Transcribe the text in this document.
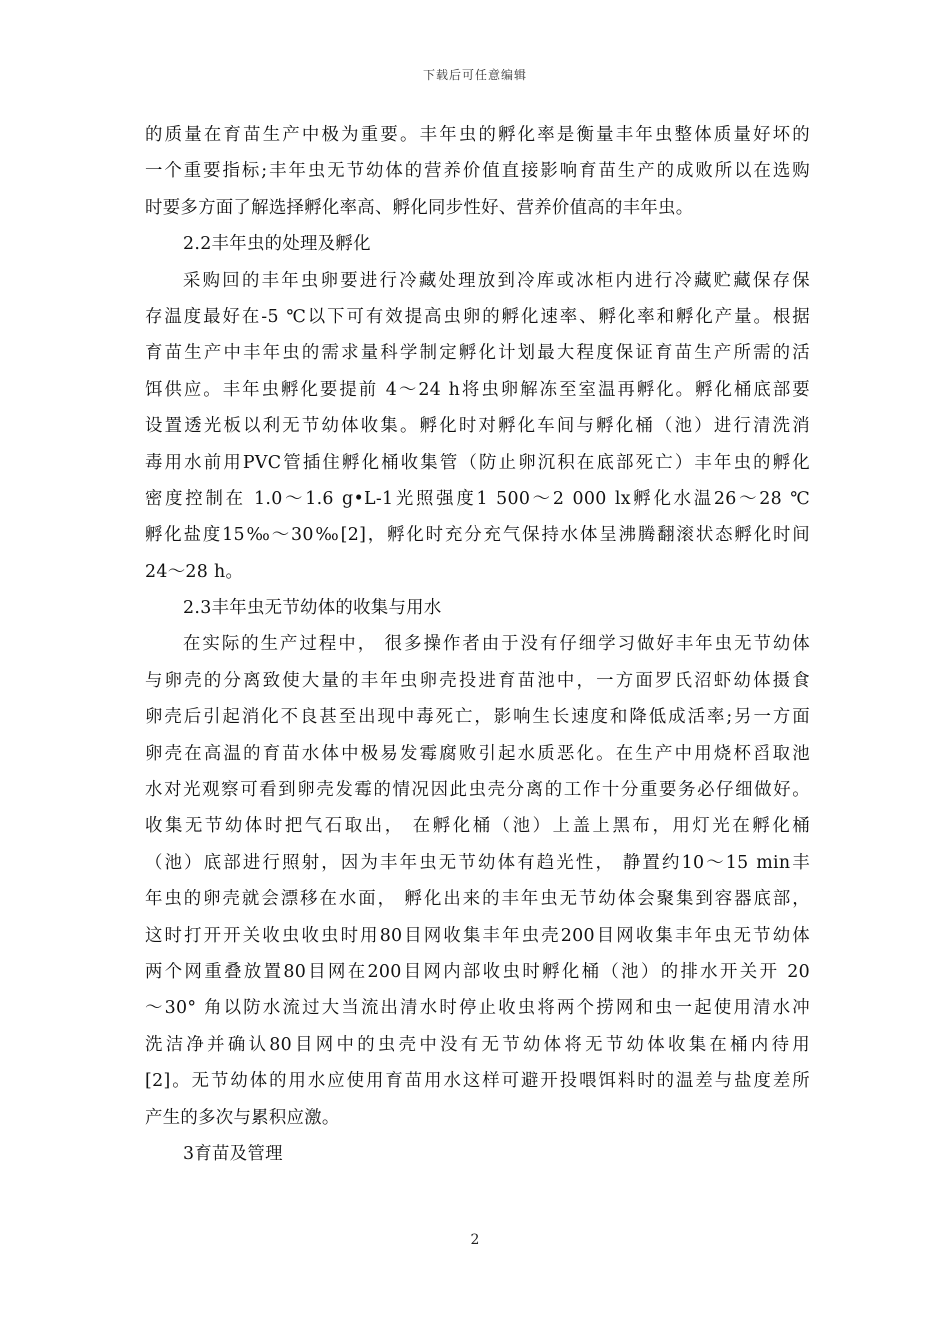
下载后可任意编辑
的质量在育苗生产中极为重要。丰年虫的孵化率是衡量丰年虫整体质量好坏的
一个重要指标;丰年虫无节幼体的营养价值直接影响育苗生产的成败所以在选购
时要多方面了解选择孵化率高、孵化同步性好、营养价值高的丰年虫。
2.2丰年虫的处理及孵化
采购回的丰年虫卵要进行冷藏处理放到冷库或冰柜内进行冷藏贮藏保存保
存温度最好在-5 ℃以下可有效提高虫卵的孵化速率、孵化率和孵化产量。根据
育苗生产中丰年虫的需求量科学制定孵化计划最大程度保证育苗生产所需的活
饵供应。丰年虫孵化要提前 4～24 h将虫卵解冻至室温再孵化。孵化桶底部要
设置透光板以利无节幼体收集。孵化时对孵化车间与孵化桶（池）进行清洗消
毒用水前用PVC管插住孵化桶收集管（防止卵沉积在底部死亡）丰年虫的孵化
密度控制在 1.0～1.6 g•L-1光照强度1 500～2 000 lx孵化水温26～28 ℃
孵化盐度15‰～30‰[2]，孵化时充分充气保持水体呈沸腾翻滚状态孵化时间
24～28 h。
2.3丰年虫无节幼体的收集与用水
在实际的生产过程中， 很多操作者由于没有仔细学习做好丰年虫无节幼体
与卵壳的分离致使大量的丰年虫卵壳投进育苗池中，一方面罗氏沼虾幼体摄食
卵壳后引起消化不良甚至出现中毒死亡，影响生长速度和降低成活率;另一方面
卵壳在高温的育苗水体中极易发霉腐败引起水质恶化。在生产中用烧杯舀取池
水对光观察可看到卵壳发霉的情况因此虫壳分离的工作十分重要务必仔细做好。
收集无节幼体时把气石取出， 在孵化桶（池）上盖上黑布，用灯光在孵化桶
（池）底部进行照射，因为丰年虫无节幼体有趋光性， 静置约10～15 min丰
年虫的卵壳就会漂移在水面， 孵化出来的丰年虫无节幼体会聚集到容器底部，
这时打开开关收虫收虫时用80目网收集丰年虫壳200目网收集丰年虫无节幼体
两个网重叠放置80目网在200目网内部收虫时孵化桶（池）的排水开关开 20
～30° 角以防水流过大当流出清水时停止收虫将两个捞网和虫一起使用清水冲
洗洁净并确认80目网中的虫壳中没有无节幼体将无节幼体收集在桶内待用
[2]。无节幼体的用水应使用育苗用水这样可避开投喂饵料时的温差与盐度差所
产生的多次与累积应激。
3育苗及管理
2
